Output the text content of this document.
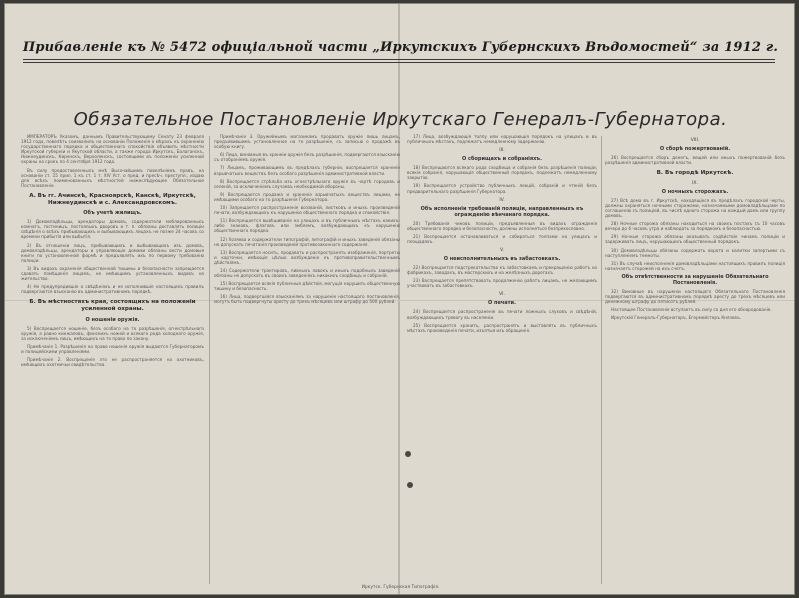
Прибавленіе къ № 5472 офиціальной части „Иркутскихъ Губернскихъ Вѣдомостей“ за 1912 г.
Обязательное Постановленіе Иркутскаго Генералъ-Губернатора.

ИМПЕРАТОРЪ Указомъ, даннымъ Правительствующему Сенату 23 февраля 1912 года, повелѣть соизволилъ на основаніи Положенія о мѣрахъ къ охраненію государственнаго порядка и общественнаго спокойствія объявить мѣстности Иркутской губерніи и Якутской области, а также города Иркутскъ, Балаганскъ, Нижнеудинскъ, Киренскъ, Верхоленскъ, состоящими въ положеніи усиленной охраны на срокъ по 4 сентября 1912 года.

Въ силу предоставленныхъ мнѣ Высочайшимъ повелѣніемъ правъ, на основаніи ст. 15 прил. 1 къ ст. 1 т. XIV Уст. о пред. и пресѣч. преступл., издаю для всѣхъ поименованныхъ мѣстностей нижеслѣдующее Обязательное Постановленіе.

А. Въ гг. Ачинскѣ, Красноярскѣ, Канскѣ, Иркутскѣ, Нижнеудинскѣ и с. Александровскомъ.
Объ учетѣ жилищъ.

1) Домовладѣльцы, арендаторы домовъ, содержатели меблированныхъ комнатъ, гостиницъ, постоялыхъ дворовъ и т. п. обязаны доставлять полиціи свѣдѣнія о всѣхъ прибывающихъ и выбывающихъ лицахъ не позже 24 часовъ со времени прибытія или выбытія.

2) Въ отношеніи лицъ, прибывающихъ и выбывающихъ изъ домовъ, домовладѣльцы, арендаторы и управляющіе домами обязаны вести домовыя книги по установленной формѣ и предъявлять ихъ по первому требованію полиціи.

3) Въ видахъ охраненія общественной тишины и безопасности запрещается сдавать помѣщенія лицамъ, не имѣющимъ установленныхъ видовъ на жительство.

4) Не предупредившіе о свѣдѣніяхъ и не исполнившіе настоящихъ правилъ подвергаются взысканію въ административномъ порядкѣ.

Б. Въ мѣстностяхъ края, состоящихъ на положеніи усиленной охраны.
О ношеніи оружія.

5) Воспрещается ношеніе, безъ особаго на то разрѣшенія, огнестрѣльнаго оружія, а равно кинжаловъ, финскихъ ножей и всякаго рода холоднаго оружія, за исключеніемъ лицъ, имѣющихъ на то право по закону.

Примѣчаніе 1. Разрѣшенія на право ношенія оружія выдаются Губернаторомъ и полицейскими управленіями.

Примѣчаніе 2. Воспрещеніе это не распространяется на охотниковъ, имѣющихъ охотничьи свидѣтельства.

Примѣчаніе 3. Оружейнымъ магазинамъ продавать оружіе лишь лицамъ, предъявившимъ установленное на то разрѣшеніе, съ записью о продажѣ въ особую книгу.

6) Лица, виновныя въ хранеіи оружія безъ разрѣшенія, подвергаются взысканію съ отобраніемъ оружія.

7) Лицамъ, проживающимъ въ предѣлахъ губерніи, воспрещается храненіе взрывчатыхъ веществъ безъ особаго разрѣшенія административной власти.

8) Воспрещается стрѣльба изъ огнестрѣльнаго оружія въ чертѣ городовъ и селеній, за исключеніемъ случаевъ необходимой обороны.

9) Воспрещается продажа и храненіе взрывчатыхъ веществъ лицами, не имѣющими особаго на то разрѣшенія Губернатора.

10) Запрещается распространеніе воззваній, листковъ и иныхъ произведеній печати, возбуждающихъ къ нарушенію общественнаго порядка и спокойствія.

11) Воспрещается вывѣшиваніе на улицахъ и въ публичныхъ мѣстахъ какихъ-либо знаковъ, флаговъ или эмблемъ, возбуждающихъ къ нарушенію общественнаго порядка.

12) Хозяева и содержатели типографій, литографій и иныхъ заведеній обязаны не допускать печатанія произведеній противозаконнаго содержанія.

13) Воспрещается носить, продавать и распространять изображенія, портреты и карточки, имѣющія цѣлью возбужденіе къ противоправительственнымъ дѣйствіямъ.

14) Содержатели трактировъ, пивныхъ лавокъ и иныхъ подобныхъ заведеній обязаны не допускать въ своихъ заведеніяхъ никакихъ сходбищъ и собраній.

15) Воспрещается всякія публичныя дѣйствія, могущія нарушить общественную тишину и безопасность.

16) Лица, подвергшіяся взысканіямъ за нарушеніе настоящаго постановленія, могутъ быть подвергнуты аресту до трехъ мѣсяцевъ или штрафу до 500 рублей.

17) Лица, возбуждающія толпу или нарушающія порядокъ на улицахъ и въ публичныхъ мѣстахъ, подлежатъ немедленному задержанію.

III.
О сборищахъ и собраніяхъ.

18) Воспрещаются всякаго рода сходбища и собранія безъ разрѣшенія полиціи; всякія собранія, нарушающія общественный порядокъ, подлежатъ немедленному закрытію.

19) Воспрещается устройство публичныхъ лекцій, собраній и чтеній безъ предварительнаго разрѣшенія Губернатора.

IV.
Объ исполненіи требованій полиціи, направленныхъ къ огражденію вѣнчанаго порядка.

20) Требованія чиновъ полиціи, предъявленныя въ видахъ огражденія общественнаго порядка и безопасности, должны исполняться безпрекословно.

21) Воспрещается останавливаться и собираться толпами на улицахъ и площадяхъ.

V.
О неисполнительныхъ въ забастовкахъ.

22) Воспрещается подстрекательство къ забастовкамъ и прекращенію работъ на фабрикахъ, заводахъ, въ мастерскихъ и на желѣзныхъ дорогахъ.

23) Воспрещается препятствовать продолженію работъ лицамъ, не желающимъ участвовать въ забастовкахъ.

VI.
О печати.

24) Воспрещается распространеніе въ печати ложныхъ слуховъ и свѣдѣній, возбуждающихъ тревогу въ населеніи.

25) Воспрещается хранить, распространять и выставлять въ публичныхъ мѣстахъ произведенія печати, изъятыя изъ обращенія.

VIII.
О сборѣ пожертвованій.

26) Воспрещается сборъ денегъ, вещей или иныхъ пожертвованій безъ разрѣшенія административной власти.

В. Въ городѣ Иркутскѣ.
IX.
О ночныхъ сторожахъ.

27) Всѣ дома въ г. Иркутскѣ, находящіеся въ предѣлахъ городской черты, должны охраняться ночными сторожами, назначаемыми домовладѣльцами по соглашенію съ полиціей, въ числѣ одного сторожа на каждый домъ или группу домовъ.

28) Ночные сторожа обязаны находиться на своихъ постахъ съ 10 часовъ вечера до 6 часовъ утра и наблюдать за порядкомъ и безопасностью.

29) Ночные сторожа обязаны оказывать содѣйствіе чинамъ полиціи и задерживать лицъ, нарушающихъ общественный порядокъ.

30) Домовладѣльцы обязаны содержать ворота и калитки запертыми съ наступленіемъ темноты.

31) Въ случаѣ неисполненія домовладѣльцами настоящихъ правилъ полиція назначаетъ сторожей на ихъ счетъ.

Объ отвѣтственности за нарушеніе Обязательнаго Постановленія.

32) Виновные въ нарушеніи настоящаго Обязательнаго Постановленія подвергаются въ административномъ порядкѣ аресту до трехъ мѣсяцевъ или денежному штрафу до пятисотъ рублей.

Настоящее Постановленіе вступаетъ въ силу со дня его обнародованія.

Иркутскій Генералъ-Губернаторъ, Егермейстеръ Князевъ.

Иркутск. Губернская Типографія.
